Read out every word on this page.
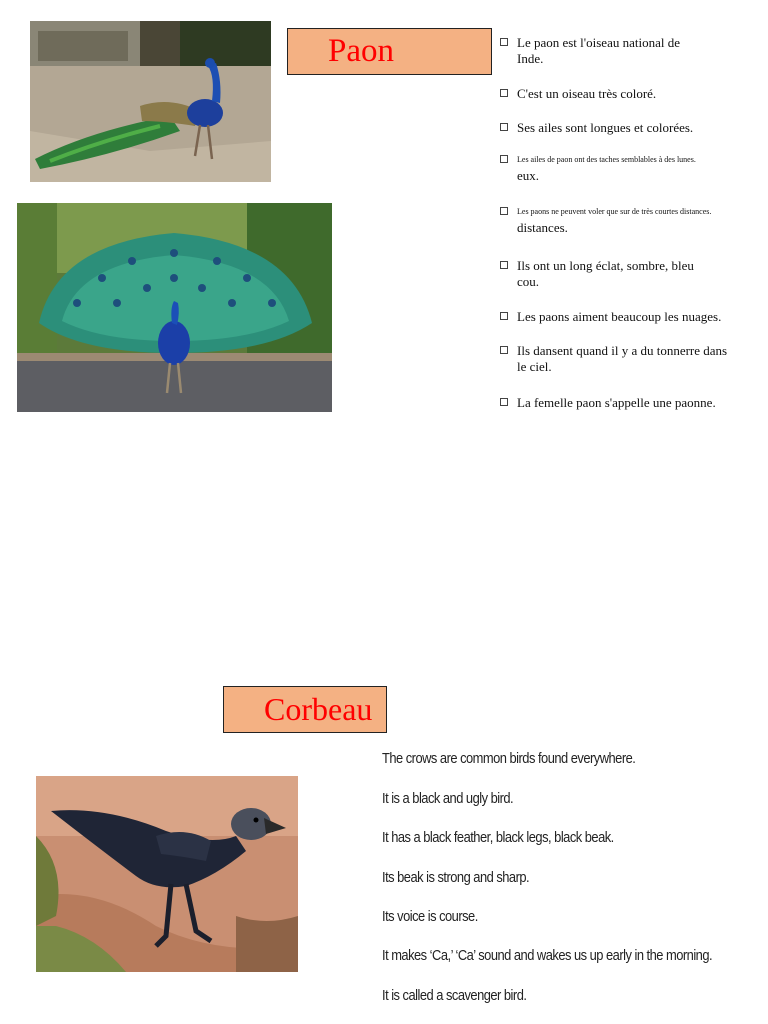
Paon	Le paon est l'oiseau national de
Inde.
C'est un oiseau très coloré.
Ses ailes sont longues et colorées.
Les ailes de paon ont des taches semblables à des lunes.
eux.
Les paons ne peuvent voler que sur de très courtes distances.
distances.
Ils ont un long éclat, sombre, bleu
cou.
Les paons aiment beaucoup les nuages.
Ils dansent quand il y a du tonnerre dans
le ciel.
La femelle paon s'appelle une paonne.
Corbeau
The crows are common birds found everywhere.
It is a black and ugly bird.
It has a black feather, black legs, black beak.
Its beak is strong and sharp.
Its voice is course.
It makes ‘Ca,’ ‘Ca’ sound and wakes us up early in the morning.
It is called a scavenger bird.
